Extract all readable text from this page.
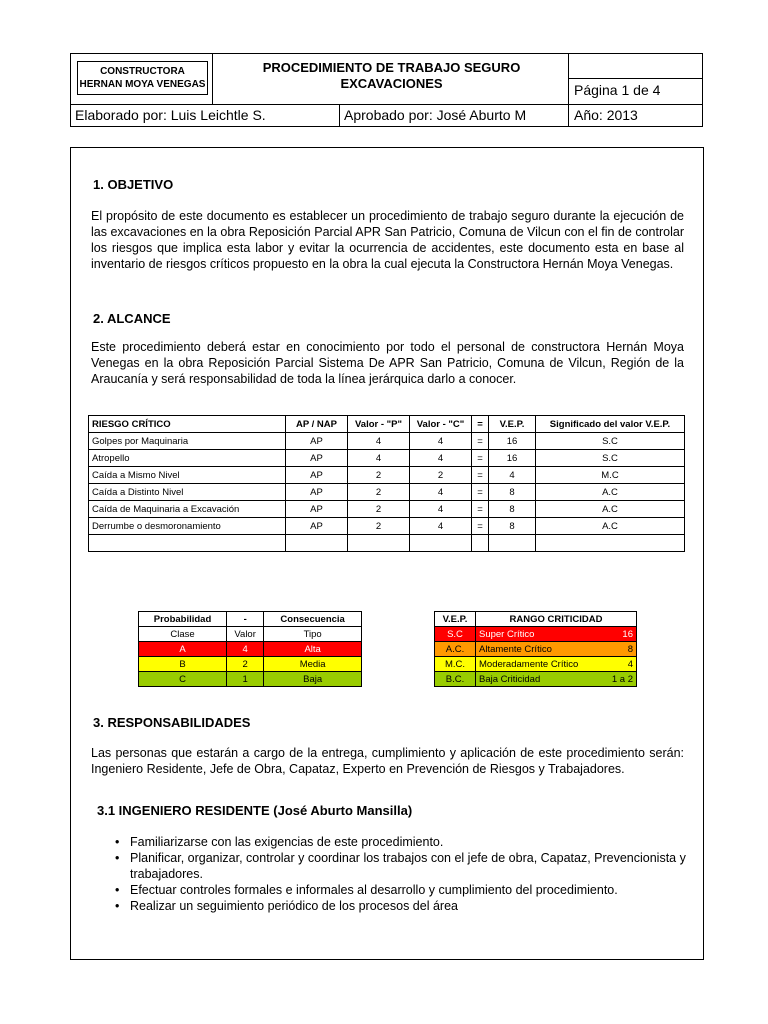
CONSTRUCTORA
HERNAN MOYA VENEGAS
PROCEDIMIENTO DE TRABAJO SEGURO
EXCAVACIONES	Página 1 de 4
Elaborado por: Luis Leichtle S.	Aprobado por: José Aburto M	Año: 2013
1. OBJETIVO
El propósito de este documento es establecer un procedimiento de trabajo seguro durante la ejecución de las excavaciones en la obra Reposición Parcial APR San Patricio, Comuna de Vilcun con el fin de controlar los riesgos que implica esta labor y evitar la ocurrencia de accidentes, este documento esta en base al inventario de riesgos críticos propuesto en la obra la cual ejecuta la Constructora Hernán Moya Venegas.
2. ALCANCE
Este procedimiento deberá estar en conocimiento por todo el personal de constructora Hernán Moya Venegas en la obra Reposición Parcial Sistema De APR San Patricio, Comuna de Vilcun, Región de la Araucanía y será responsabilidad de toda la línea jerárquica darlo a conocer.
RIESGO CRÍTICO	AP / NAP	Valor - "P"	Valor - "C"	=	V.E.P.	Significado del valor V.E.P.
Golpes por Maquinaria	AP	4	4	=	16	S.C
Atropello	AP	4	4	=	16	S.C
Caída a Mismo Nivel	AP	2	2	=	4	M.C
Caída a Distinto Nivel	AP	2	4	=	8	A.C
Caída de Maquinaria a Excavación	AP	2	4	=	8	A.C
Derrumbe o desmoronamiento	AP	2	4	=	8	A.C

Probabilidad	-	Consecuencia
Clase	Valor	Tipo
A	4	Alta
B	2	Media
C	1	Baja
V.E.P.	RANGO CRITICIDAD	
S.C	Super Crítico	16
A.C.	Altamente Crítico	8
M.C.	Moderadamente Crítico	4
B.C.	Baja Criticidad	1 a 2
3. RESPONSABILIDADES
Las personas que estarán a cargo de la entrega, cumplimiento y aplicación de este procedimiento serán: Ingeniero Residente, Jefe de Obra, Capataz, Experto en Prevención de Riesgos y Trabajadores.
3.1 INGENIERO RESIDENTE (José Aburto Mansilla)
• Familiarizarse con las exigencias de este procedimiento.
• Planificar, organizar, controlar y coordinar los trabajos con el jefe de obra, Capataz, Prevencionista y trabajadores.
• Efectuar controles formales e informales al desarrollo y cumplimiento del procedimiento.
• Realizar un seguimiento periódico de los procesos del área
